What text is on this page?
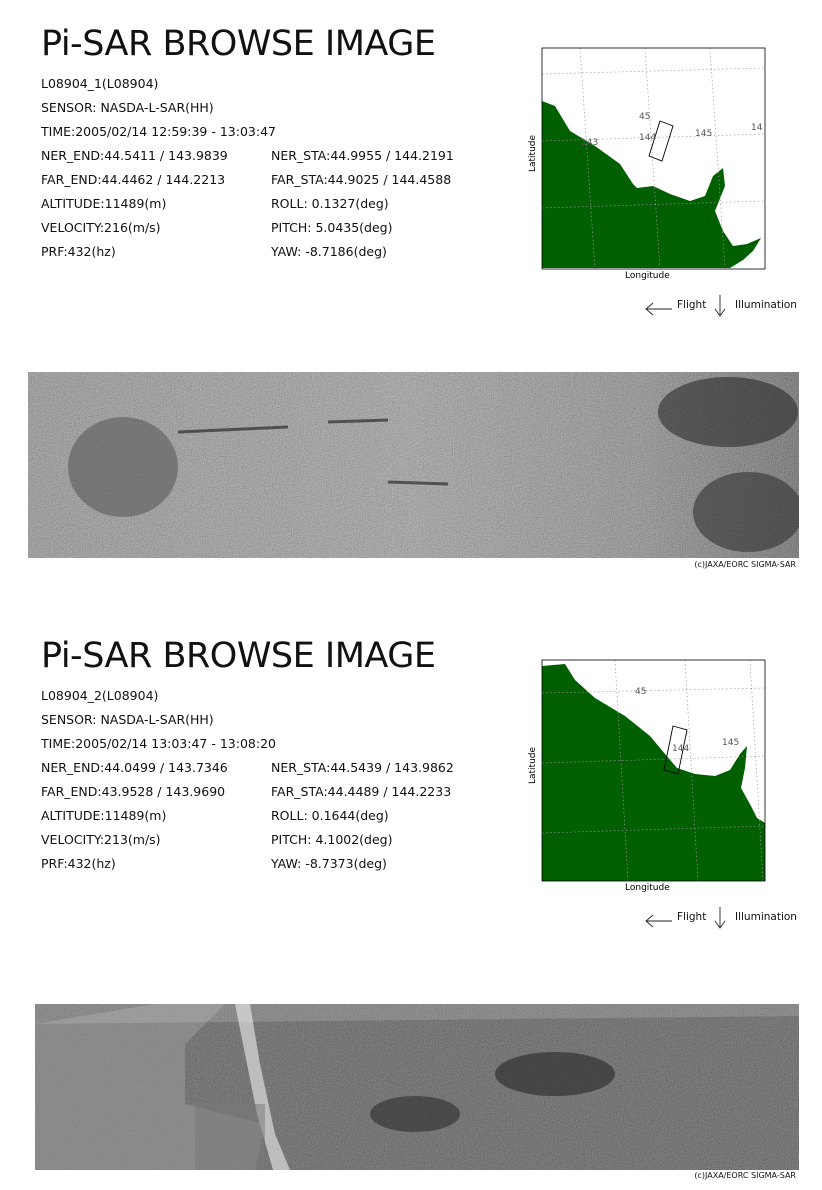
Pi-SAR BROWSE IMAGE
L08904_1(L08904)
SENSOR: NASDA-L-SAR(HH)
TIME:2005/02/14 12:59:39 - 13:03:47
NER_END:44.5411 / 143.9839	NER_STA:44.9955 / 144.2191
FAR_END:44.4462 / 144.2213	FAR_STA:44.9025 / 144.4588
ALTITUDE:11489(m)	ROLL: 0.1327(deg)
VELOCITY:216(m/s)	PITCH: 5.0435(deg)
PRF:432(hz)	YAW: -8.7186(deg)
45
143	144	145
14
Longitude
Latitude
Flight	Illumination
(c)JAXA/EORC SIGMA-SAR
Pi-SAR BROWSE IMAGE
L08904_2(L08904)
SENSOR: NASDA-L-SAR(HH)
TIME:2005/02/14 13:03:47 - 13:08:20
NER_END:44.0499 / 143.7346	NER_STA:44.5439 / 143.9862
FAR_END:43.9528 / 143.9690	FAR_STA:44.4489 / 144.2233
ALTITUDE:11489(m)	ROLL: 0.1644(deg)
VELOCITY:213(m/s)	PITCH: 4.1002(deg)
PRF:432(hz)	YAW: -8.7373(deg)
45
144
145
Longitude
Latitude
Flight	Illumination
(c)JAXA/EORC SIGMA-SAR
